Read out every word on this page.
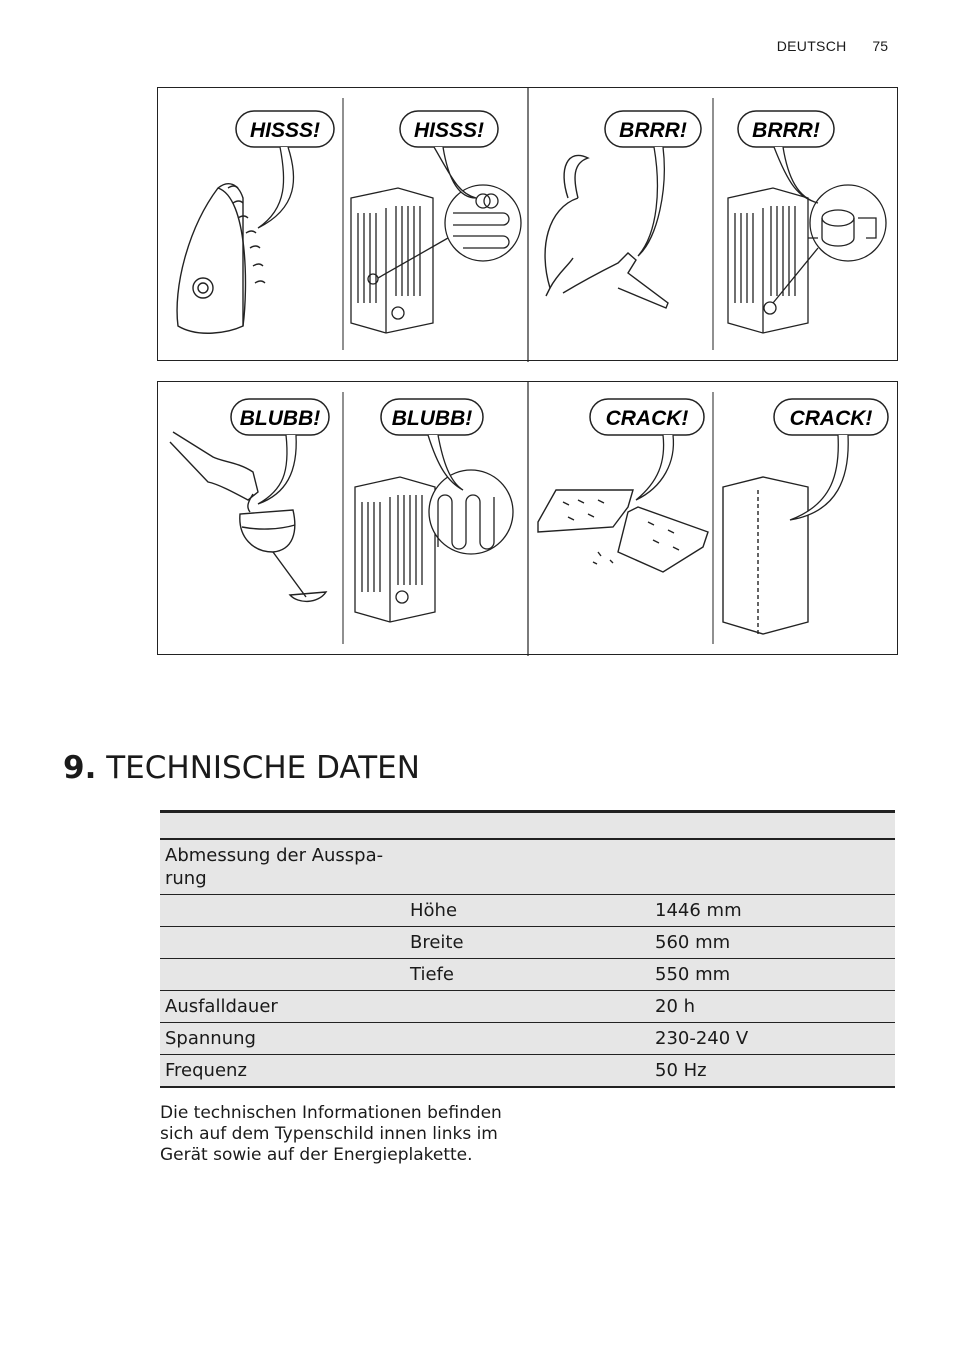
DEUTSCH 75
HISSS!	HISSS!	BRRR!	BRRR!
BLUBB!	BLUBB!	CRACK!	CRACK!
9. TECHNISCHE DATEN

Abmessung der Ausspa-
rung		
	Höhe	1446 mm
	Breite	560 mm
	Tiefe	550 mm
Ausfalldauer		20 h
Spannung		230-240 V
Frequenz		50 Hz

Die technischen Informationen befinden sich auf dem Typenschild innen links im Gerät sowie auf der Energieplakette.
